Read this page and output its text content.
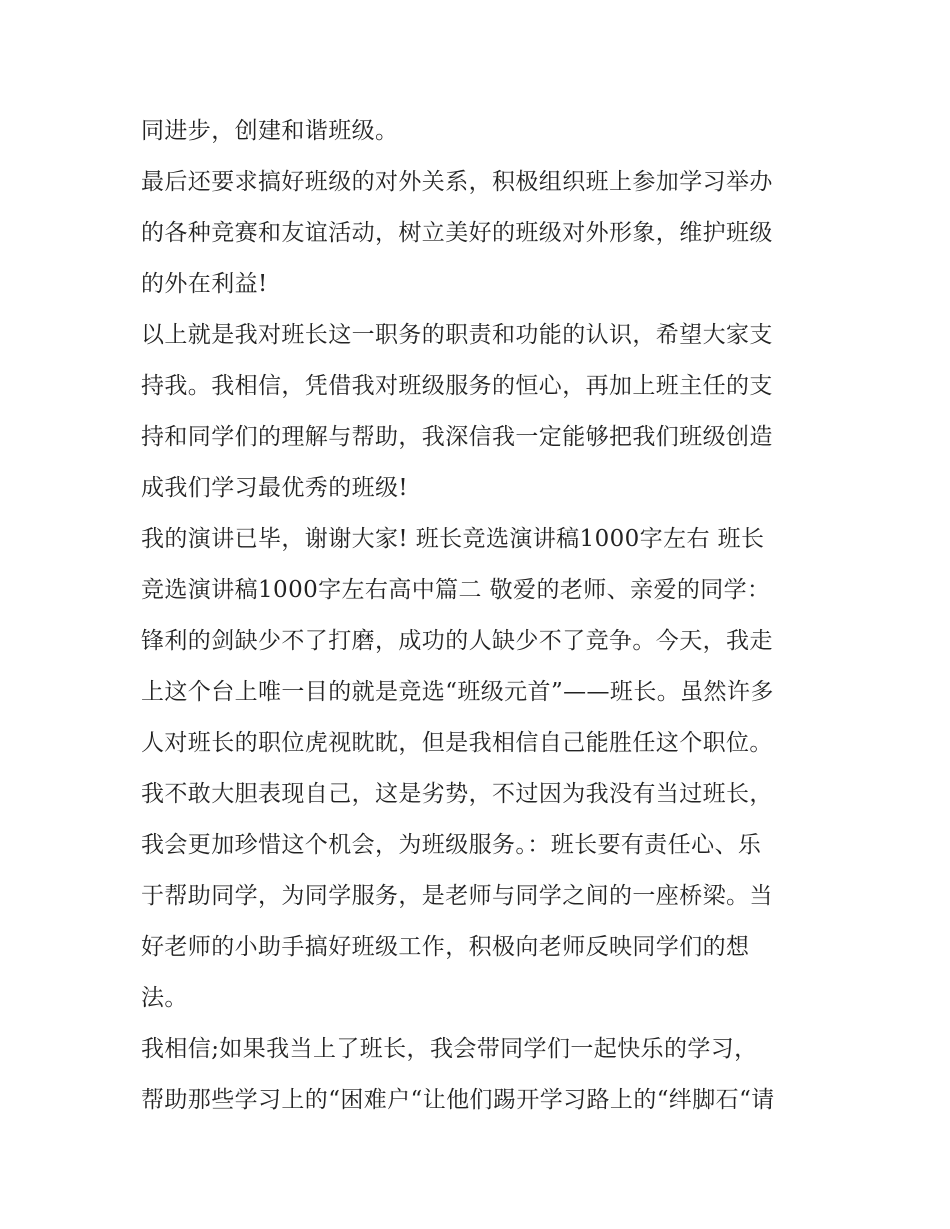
同进步，创建和谐班级。
最后还要求搞好班级的对外关系，积极组织班上参加学习举办
的各种竞赛和友谊活动，树立美好的班级对外形象，维护班级
的外在利益!
以上就是我对班长这一职务的职责和功能的认识，希望大家支
持我。我相信，凭借我对班级服务的恒心，再加上班主任的支
持和同学们的理解与帮助，我深信我一定能够把我们班级创造
成我们学习最优秀的班级!
我的演讲已毕，谢谢大家! 班长竞选演讲稿1000字左右 班长
竞选演讲稿1000字左右高中篇二 敬爱的老师、亲爱的同学：
锋利的剑缺少不了打磨，成功的人缺少不了竞争。今天，我走
上这个台上唯一目的就是竞选“班级元首”——班长。虽然许多
人对班长的职位虎视眈眈，但是我相信自己能胜任这个职位。
我不敢大胆表现自己，这是劣势，不过因为我没有当过班长，
我会更加珍惜这个机会，为班级服务。：班长要有责任心、乐
于帮助同学，为同学服务，是老师与同学之间的一座桥梁。当
好老师的小助手搞好班级工作，积极向老师反映同学们的想
法。
我相信;如果我当上了班长，我会带同学们一起快乐的学习，
帮助那些学习上的“困难户“让他们踢开学习路上的“绊脚石“请
